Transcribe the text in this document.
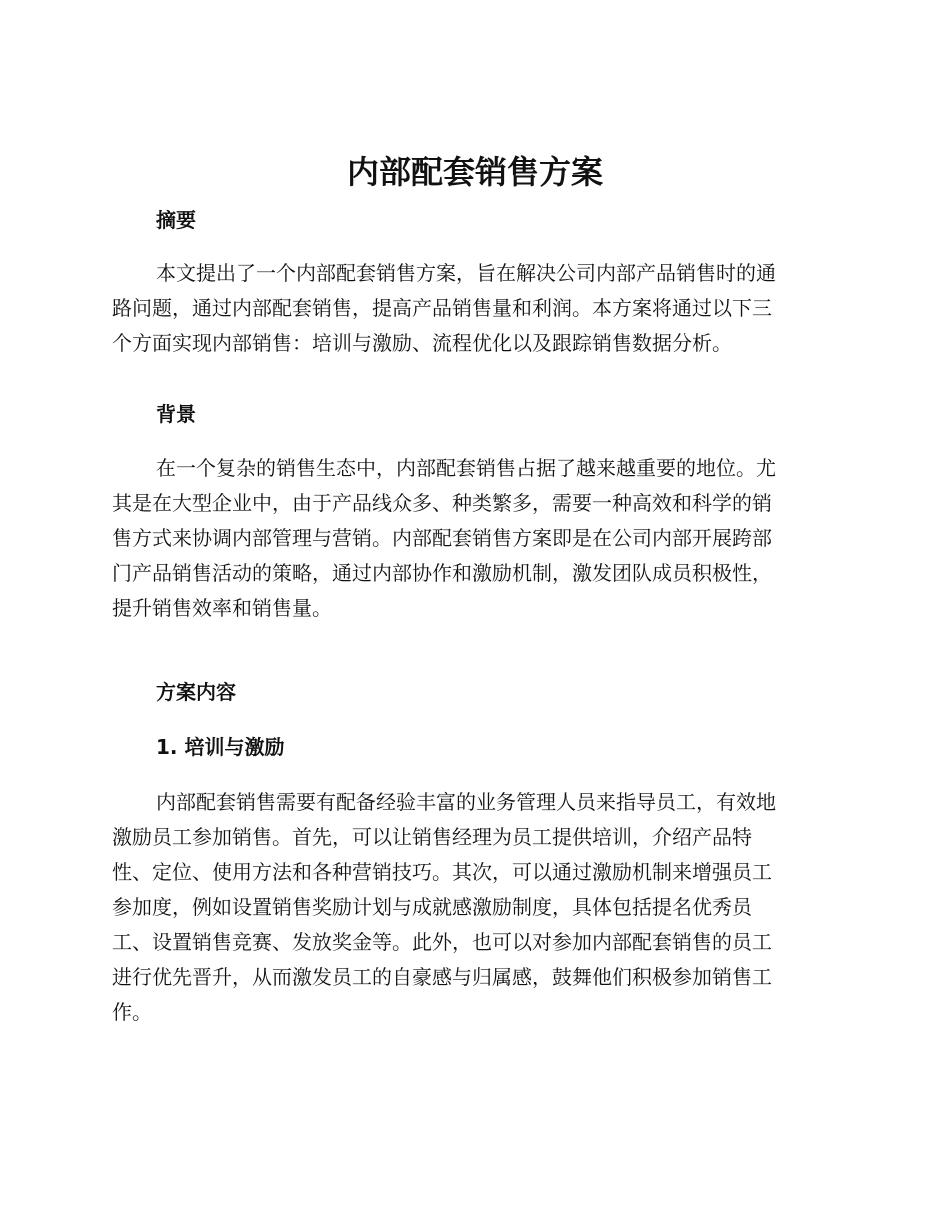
内部配套销售方案
摘要

本文提出了一个内部配套销售方案，旨在解决公司内部产品销售时的通
路问题，通过内部配套销售，提高产品销售量和利润。本方案将通过以下三
个方面实现内部销售：培训与激励、流程优化以及跟踪销售数据分析。

背景

在一个复杂的销售生态中，内部配套销售占据了越来越重要的地位。尤
其是在大型企业中，由于产品线众多、种类繁多，需要一种高效和科学的销
售方式来协调内部管理与营销。内部配套销售方案即是在公司内部开展跨部
门产品销售活动的策略，通过内部协作和激励机制，激发团队成员积极性，
提升销售效率和销售量。

方案内容
1. 培训与激励

内部配套销售需要有配备经验丰富的业务管理人员来指导员工，有效地
激励员工参加销售。首先，可以让销售经理为员工提供培训，介绍产品特
性、定位、使用方法和各种营销技巧。其次，可以通过激励机制来增强员工
参加度，例如设置销售奖励计划与成就感激励制度，具体包括提名优秀员
工、设置销售竞赛、发放奖金等。此外，也可以对参加内部配套销售的员工
进行优先晋升，从而激发员工的自豪感与归属感，鼓舞他们积极参加销售工
作。
